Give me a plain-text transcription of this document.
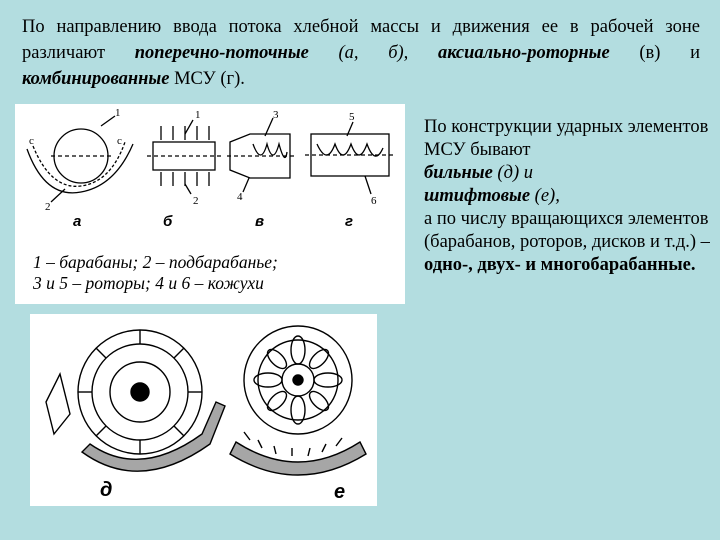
По направлению ввода потока хлебной массы и движения ее в рабочей зоне различают поперечно-поточные (а, б), аксиально-роторные (в) и комбинированные МСУ (г).
с	с
1
2
1
2
3
4
5
6
а	б	в	г

1 – барабаны; 2 – подбарабанье;
3 и 5 – роторы; 4 и 6 – кожухи

д	е
По конструкции ударных элементов МСУ бывают
бильные (д) и
штифтовые (е),
а по числу вращающихся элементов (барабанов, роторов, дисков и т.д.) –
одно-, двух- и многобарабанные.
